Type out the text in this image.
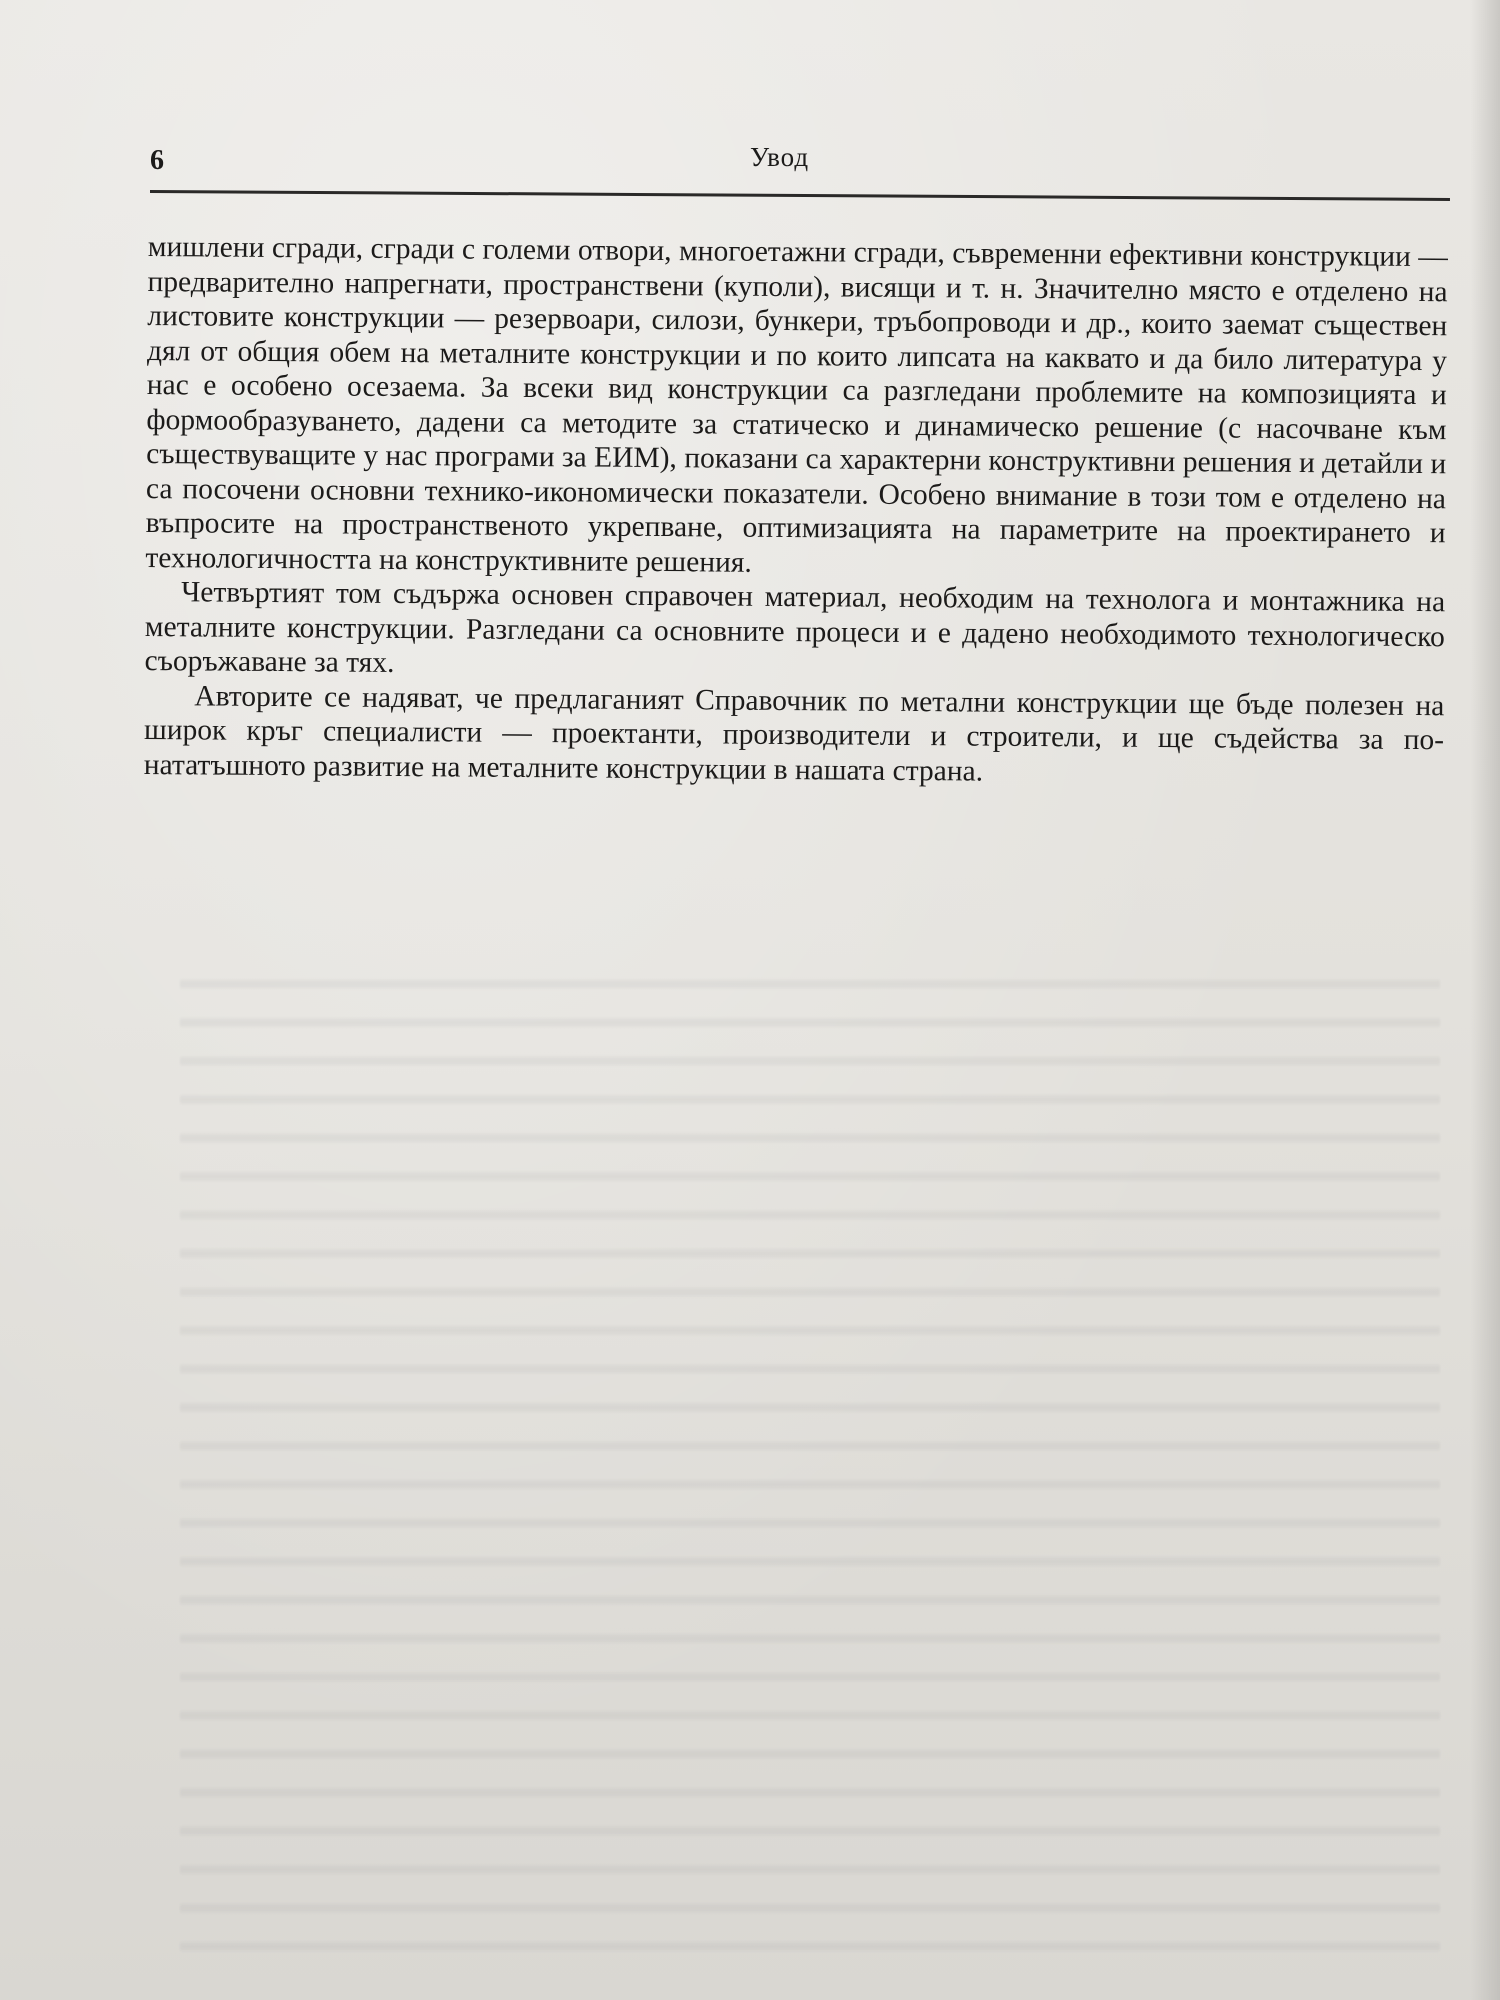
6	Увод

мишлени сгради, сгради с големи отвори, многоетажни сгради, съвременни ефективни конструкции — предварително напрегнати, пространствени (куполи), висящи и т. н. Значително място е отделено на листовите конструкции — резервоари, силози, бункери, тръбопроводи и др., които заемат съществен дял от общия обем на металните конструкции и по които липсата на каквато и да било литература у нас е особено осезаема. За всеки вид конструкции са разгледани проблемите на композицията и формообразуването, дадени са методите за статическо и динамическо решение (с насочване към съществуващите у нас програми за ЕИМ), показани са характерни конструктивни решения и детайли и са посочени основни технико-икономически показатели. Особено внимание в този том е отделено на въпросите на пространственото укрепване, оптимизацията на параметрите на проектирането и технологичността на конструктивните решения.

Четвъртият том съдържа основен справочен материал, необходим на технолога и монтажника на металните конструкции. Разгледани са основните процеси и е дадено необходимото технологическо съоръжаване за тях.

Авторите се надяват, че предлаганият Справочник по метални конструкции ще бъде полезен на широк кръг специалисти — проектанти, производители и строители, и ще съдейства за по-нататъшното развитие на металните конструкции в нашата страна.
